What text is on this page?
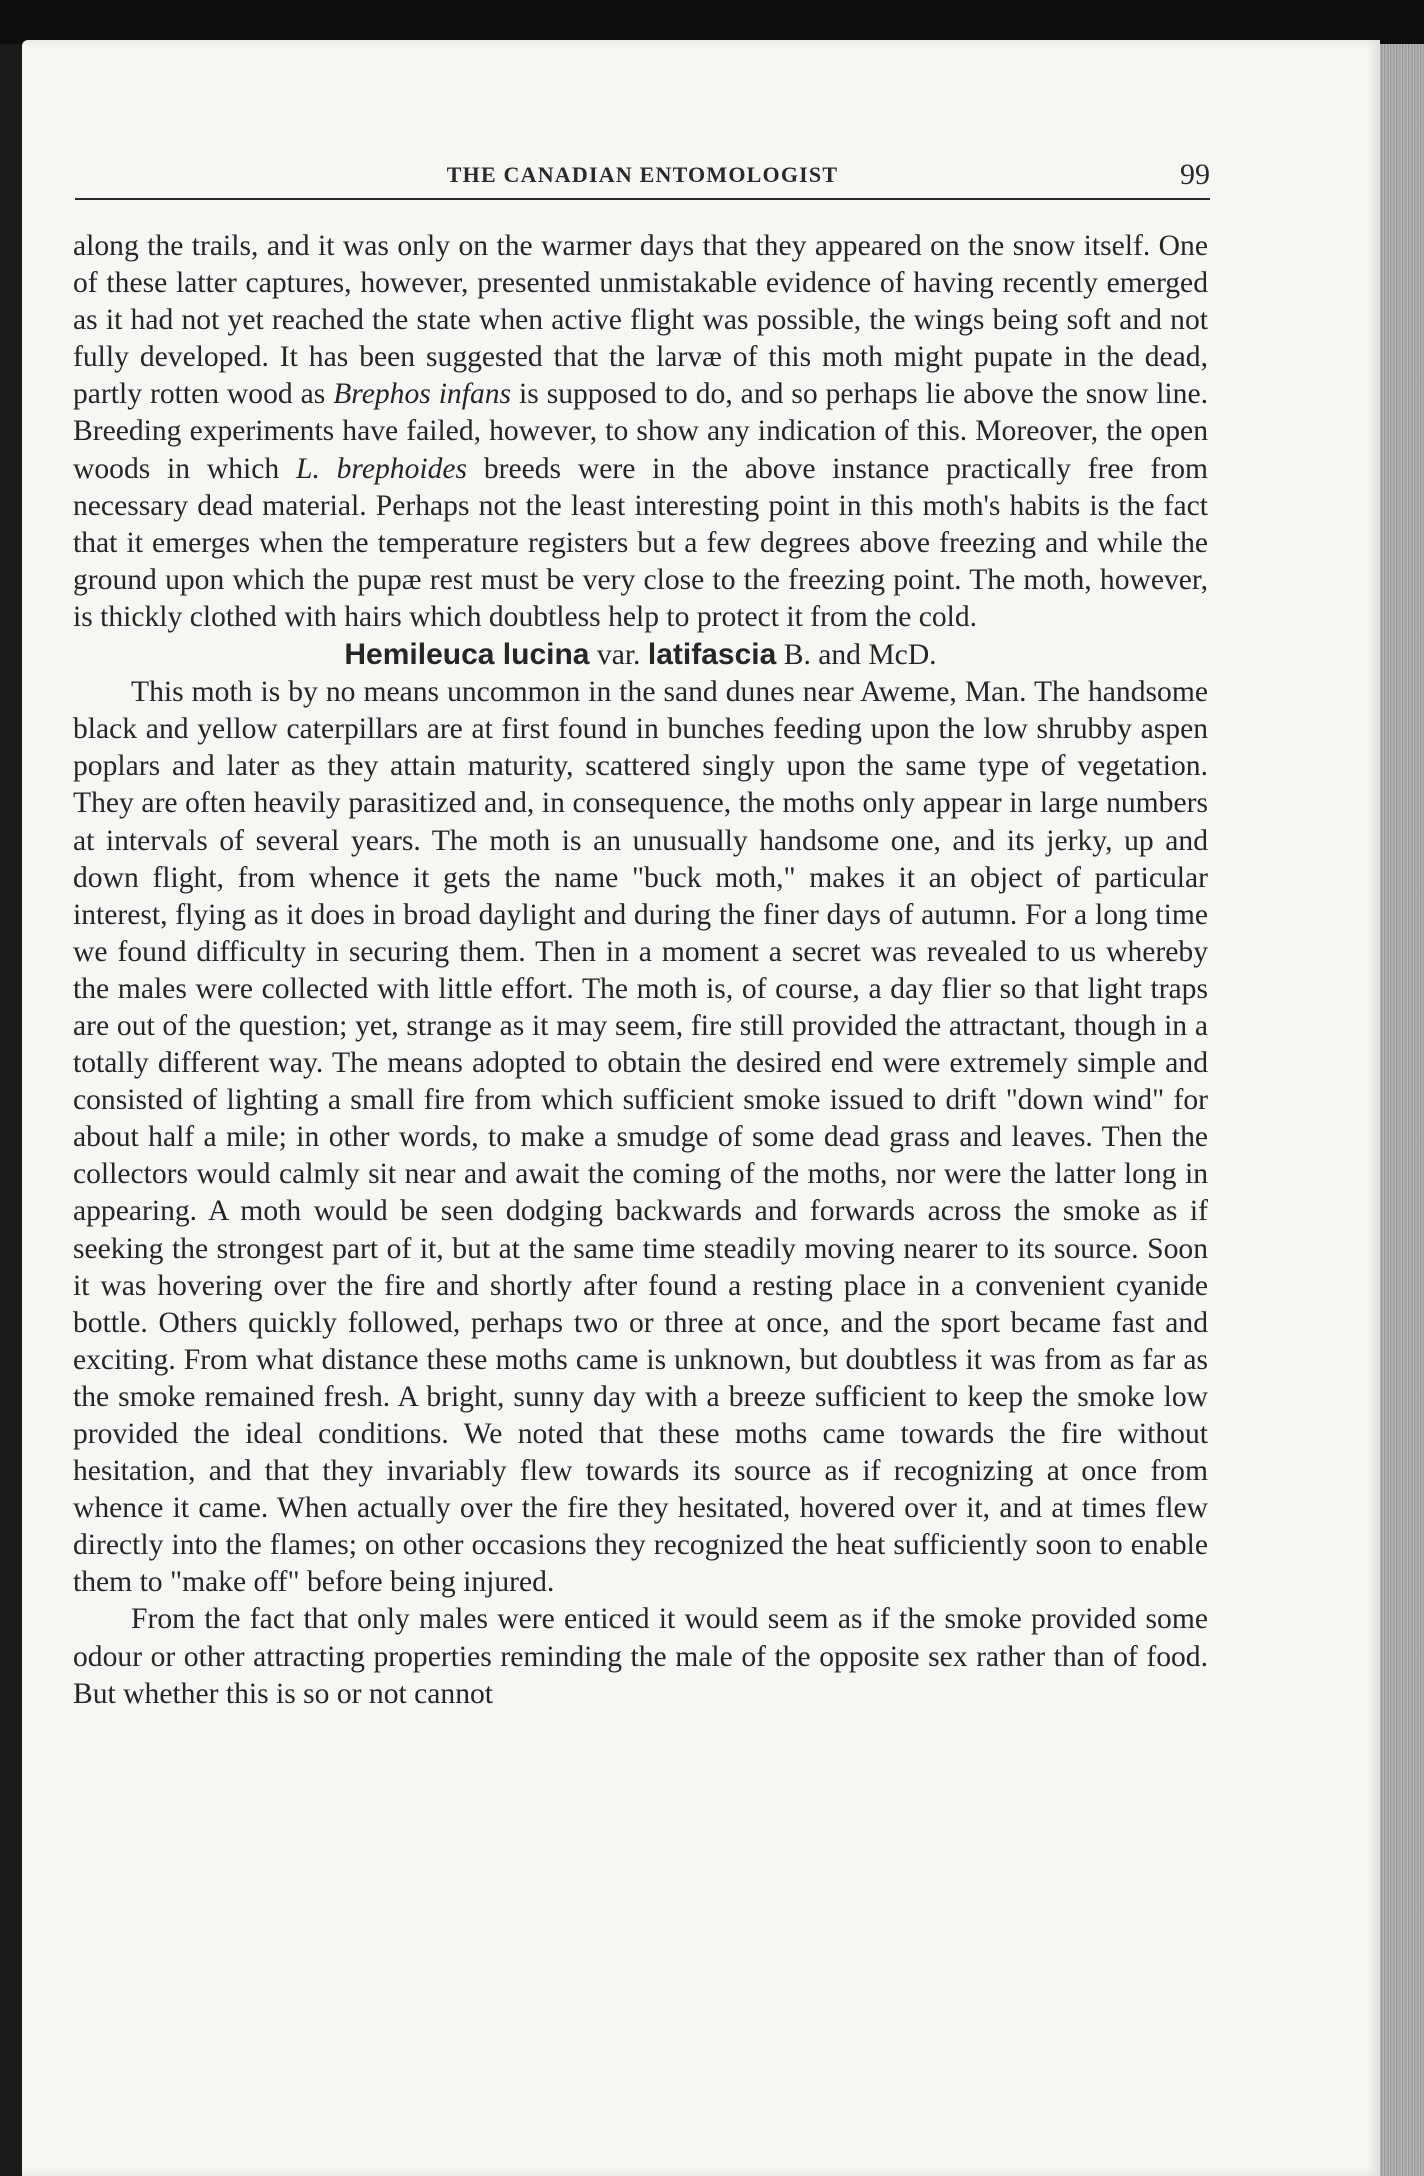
THE CANADIAN ENTOMOLOGIST	99

along the trails, and it was only on the warmer days that they appeared on the snow itself. One of these latter captures, however, presented unmistakable evidence of having recently emerged as it had not yet reached the state when active flight was possible, the wings being soft and not fully developed. It has been suggested that the larvæ of this moth might pupate in the dead, partly rotten wood as Brephos infans is supposed to do, and so perhaps lie above the snow line. Breeding experiments have failed, however, to show any indication of this. Moreover, the open woods in which L. brephoides breeds were in the above instance practically free from necessary dead material. Perhaps not the least interesting point in this moth's habits is the fact that it emerges when the temperature registers but a few degrees above freezing and while the ground upon which the pupæ rest must be very close to the freezing point. The moth, however, is thickly clothed with hairs which doubtless help to protect it from the cold.

Hemileuca lucina var. latifascia B. and McD.

This moth is by no means uncommon in the sand dunes near Aweme, Man. The handsome black and yellow caterpillars are at first found in bunches feeding upon the low shrubby aspen poplars and later as they attain maturity, scattered singly upon the same type of vegetation. They are often heavily parasitized and, in consequence, the moths only appear in large numbers at intervals of several years. The moth is an unusually handsome one, and its jerky, up and down flight, from whence it gets the name "buck moth," makes it an object of particular interest, flying as it does in broad daylight and during the finer days of autumn. For a long time we found difficulty in securing them. Then in a moment a secret was revealed to us whereby the males were collected with little effort. The moth is, of course, a day flier so that light traps are out of the question; yet, strange as it may seem, fire still provided the attractant, though in a totally different way. The means adopted to obtain the desired end were extremely simple and consisted of lighting a small fire from which sufficient smoke issued to drift "down wind" for about half a mile; in other words, to make a smudge of some dead grass and leaves. Then the collectors would calmly sit near and await the coming of the moths, nor were the latter long in appearing. A moth would be seen dodging backwards and forwards across the smoke as if seeking the strongest part of it, but at the same time steadily moving nearer to its source. Soon it was hovering over the fire and shortly after found a resting place in a convenient cyanide bottle. Others quickly followed, perhaps two or three at once, and the sport became fast and exciting. From what distance these moths came is unknown, but doubtless it was from as far as the smoke remained fresh. A bright, sunny day with a breeze sufficient to keep the smoke low provided the ideal conditions. We noted that these moths came towards the fire without hesitation, and that they invariably flew towards its source as if recognizing at once from whence it came. When actually over the fire they hesitated, hovered over it, and at times flew directly into the flames; on other occasions they recognized the heat sufficiently soon to enable them to "make off" before being injured.

From the fact that only males were enticed it would seem as if the smoke provided some odour or other attracting properties reminding the male of the opposite sex rather than of food. But whether this is so or not cannot
